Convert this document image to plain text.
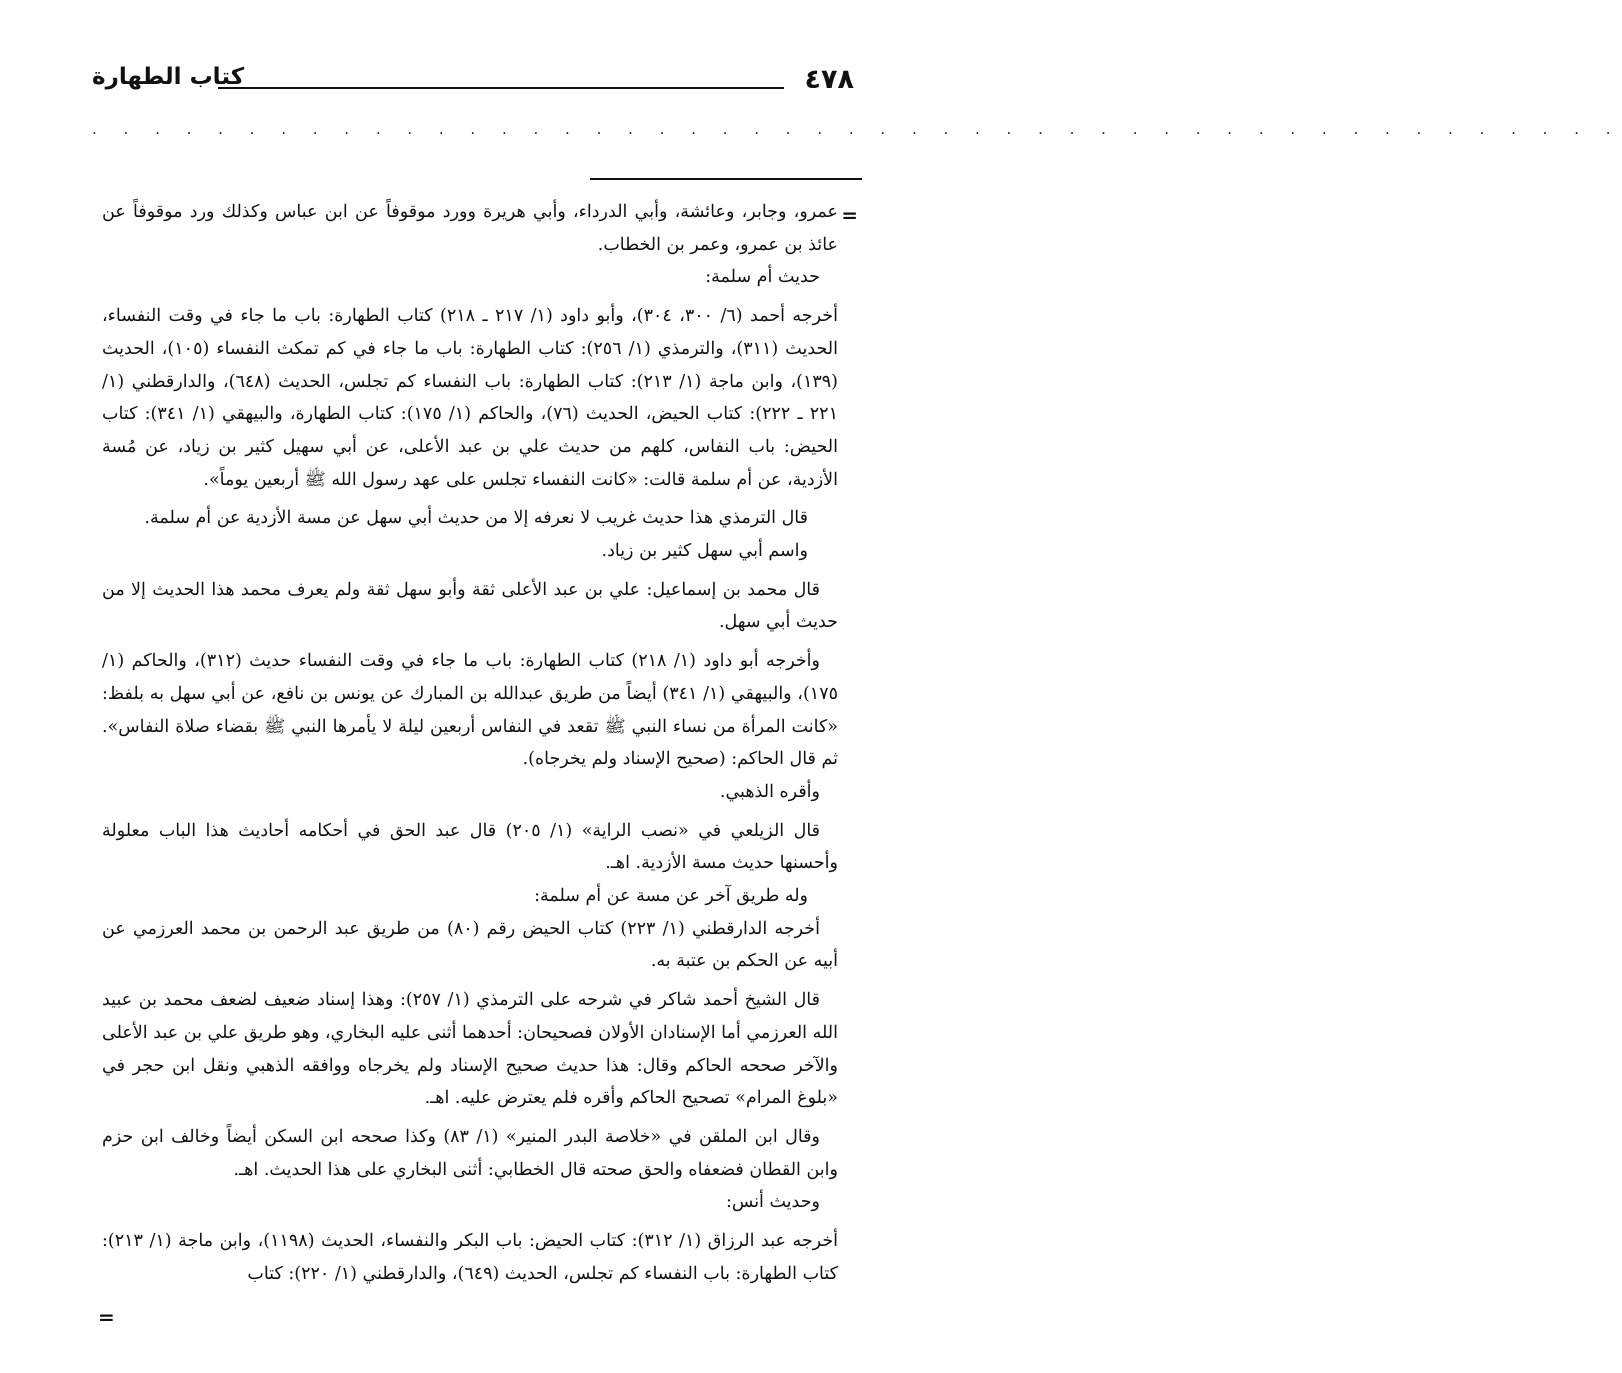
٤٧٨
كتاب الطهارة
. . . . . . . . . . . . . . . . . . . . . . . . . . . . . . . . . . . . . . . . . . . . . . . . .
=
=

عمرو، وجابر، وعائشة، وأبي الدرداء، وأبي هريرة وورد موقوفاً عن ابن عباس وكذلك ورد موقوفاً عن عائذ بن عمرو، وعمر بن الخطاب.

حديث أم سلمة:

أخرجه أحمد (٦/ ٣٠٠، ٣٠٤)، وأبو داود (١/ ٢١٧ ـ ٢١٨) كتاب الطهارة: باب ما جاء في وقت النفساء، الحديث (٣١١)، والترمذي (١/ ٢٥٦): كتاب الطهارة: باب ما جاء في كم تمكث النفساء (١٠٥)، الحديث (١٣٩)، وابن ماجة (١/ ٢١٣): كتاب الطهارة: باب النفساء كم تجلس، الحديث (٦٤٨)، والدارقطني (١/ ٢٢١ ـ ٢٢٢): كتاب الحيض، الحديث (٧٦)، والحاكم (١/ ١٧٥): كتاب الطهارة، والبيهقي (١/ ٣٤١): كتاب الحيض: باب النفاس، كلهم من حديث علي بن عبد الأعلى، عن أبي سهيل كثير بن زياد، عن مُسة الأزدية، عن أم سلمة قالت: «كانت النفساء تجلس على عهد رسول الله ﷺ أربعين يوماً».

قال الترمذي هذا حديث غريب لا نعرفه إلا من حديث أبي سهل عن مسة الأزدية عن أم سلمة.

واسم أبي سهل كثير بن زياد.

قال محمد بن إسماعيل: علي بن عبد الأعلى ثقة وأبو سهل ثقة ولم يعرف محمد هذا الحديث إلا من حديث أبي سهل.

وأخرجه أبو داود (١/ ٢١٨) كتاب الطهارة: باب ما جاء في وقت النفساء حديث (٣١٢)، والحاكم (١/ ١٧٥)، والبيهقي (١/ ٣٤١) أيضاً من طريق عبدالله بن المبارك عن يونس بن نافع، عن أبي سهل به بلفظ: «كانت المرأة من نساء النبي ﷺ تقعد في النفاس أربعين ليلة لا يأمرها النبي ﷺ بقضاء صلاة النفاس». ثم قال الحاكم: (صحيح الإسناد ولم يخرجاه).

وأقره الذهبي.

قال الزيلعي في «نصب الراية» (١/ ٢٠٥) قال عبد الحق في أحكامه أحاديث هذا الباب معلولة وأحسنها حديث مسة الأزدية. اهـ.

وله طريق آخر عن مسة عن أم سلمة:

أخرجه الدارقطني (١/ ٢٢٣) كتاب الحيض رقم (٨٠) من طريق عبد الرحمن بن محمد العرزمي عن أبيه عن الحكم بن عتبة به.

قال الشيخ أحمد شاكر في شرحه على الترمذي (١/ ٢٥٧): وهذا إسناد ضعيف لضعف محمد بن عبيد الله العرزمي أما الإسنادان الأولان فصحيحان: أحدهما أثنى عليه البخاري، وهو طريق علي بن عبد الأعلى والآخر صححه الحاكم وقال: هذا حديث صحيح الإسناد ولم يخرجاه ووافقه الذهبي ونقل ابن حجر في «بلوغ المرام» تصحيح الحاكم وأقره فلم يعترض عليه. اهـ.

وقال ابن الملقن في «خلاصة البدر المنير» (١/ ٨٣) وكذا صححه ابن السكن أيضاً وخالف ابن حزم وابن القطان فضعفاه والحق صحته قال الخطابي: أثنى البخاري على هذا الحديث. اهـ.

وحديث أنس:

أخرجه عبد الرزاق (١/ ٣١٢): كتاب الحيض: باب البكر والنفساء، الحديث (١١٩٨)، وابن ماجة (١/ ٢١٣): كتاب الطهارة: باب النفساء كم تجلس، الحديث (٦٤٩)، والدارقطني (١/ ٢٢٠): كتاب
